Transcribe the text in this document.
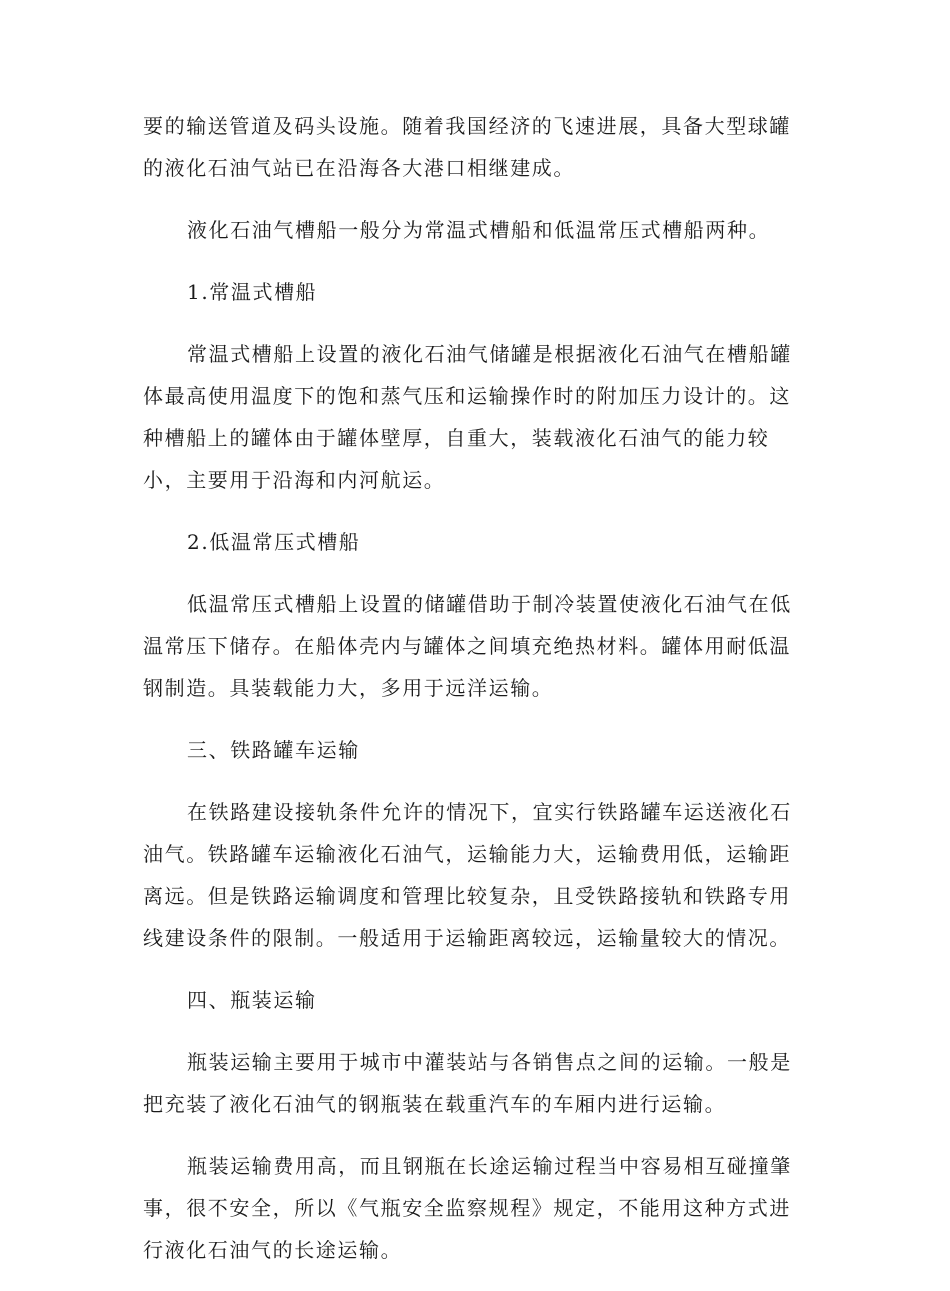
要的输送管道及码头设施。随着我国经济的飞速进展，具备大型球罐的液化石油气站已在沿海各大港口相继建成。

液化石油气槽船一般分为常温式槽船和低温常压式槽船两种。

1.常温式槽船

常温式槽船上设置的液化石油气储罐是根据液化石油气在槽船罐体最高使用温度下的饱和蒸气压和运输操作时的附加压力设计的。这种槽船上的罐体由于罐体壁厚，自重大，装载液化石油气的能力较小，主要用于沿海和内河航运。

2.低温常压式槽船

低温常压式槽船上设置的储罐借助于制冷装置使液化石油气在低温常压下储存。在船体壳内与罐体之间填充绝热材料。罐体用耐低温钢制造。具装载能力大，多用于远洋运输。

三、铁路罐车运输

在铁路建设接轨条件允许的情况下，宜实行铁路罐车运送液化石油气。铁路罐车运输液化石油气，运输能力大，运输费用低，运输距离远。但是铁路运输调度和管理比较复杂，且受铁路接轨和铁路专用线建设条件的限制。一般适用于运输距离较远，运输量较大的情况。

四、瓶装运输

瓶装运输主要用于城市中灌装站与各销售点之间的运输。一般是把充装了液化石油气的钢瓶装在载重汽车的车厢内进行运输。

瓶装运输费用高，而且钢瓶在长途运输过程当中容易相互碰撞肇事，很不安全，所以《气瓶安全监察规程》规定，不能用这种方式进行液化石油气的长途运输。
